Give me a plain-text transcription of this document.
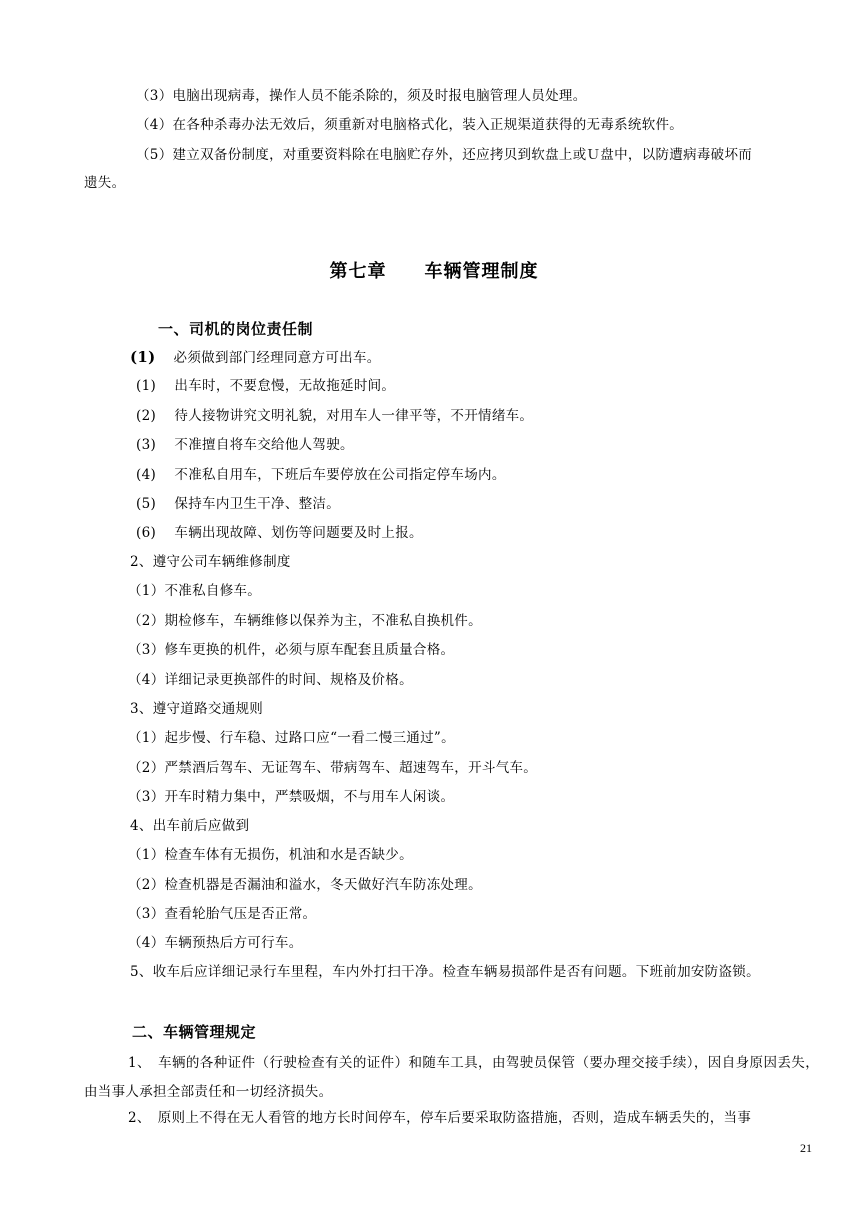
（3）电脑出现病毒，操作人员不能杀除的，须及时报电脑管理人员处理。
（4）在各种杀毒办法无效后，须重新对电脑格式化，装入正规渠道获得的无毒系统软件。
（5）建立双备份制度，对重要资料除在电脑贮存外，还应拷贝到软盘上或Ｕ盘中，以防遭病毒破坏而
遗失。
第七章 车辆管理制度
一、司机的岗位责任制
(1) 必须做到部门经理同意方可出车。
(1)　 出车时，不要怠慢，无故拖延时间。
(2)　 待人接物讲究文明礼貌，对用车人一律平等，不开情绪车。
(3)　 不准擅自将车交给他人驾驶。
(4)　 不准私自用车，下班后车要停放在公司指定停车场内。
(5)　 保持车内卫生干净、整洁。
(6)　 车辆出现故障、划伤等问题要及时上报。
2、遵守公司车辆维修制度
（1）不准私自修车。
（2）期检修车，车辆维修以保养为主，不准私自换机件。
（3）修车更换的机件，必须与原车配套且质量合格。
（4）详细记录更换部件的时间、规格及价格。
3、遵守道路交通规则
（1）起步慢、行车稳、过路口应“一看二慢三通过”。
（2）严禁酒后驾车、无证驾车、带病驾车、超速驾车，开斗气车。
（3）开车时精力集中，严禁吸烟，不与用车人闲谈。
4、出车前后应做到
（1）检查车体有无损伤，机油和水是否缺少。
（2）检查机器是否漏油和溢水，冬天做好汽车防冻处理。
（3）查看轮胎气压是否正常。
（4）车辆预热后方可行车。
5、收车后应详细记录行车里程，车内外打扫干净。检查车辆易损部件是否有问题。下班前加安防盗锁。
二、车辆管理规定
1、　车辆的各种证件（行驶检查有关的证件）和随车工具，由驾驶员保管（要办理交接手续），因自身原因丢失，由当事人承担全部责任和一切经济损失。
2、　原则上不得在无人看管的地方长时间停车，停车后要采取防盗措施，否则，造成车辆丢失的，当事
21
